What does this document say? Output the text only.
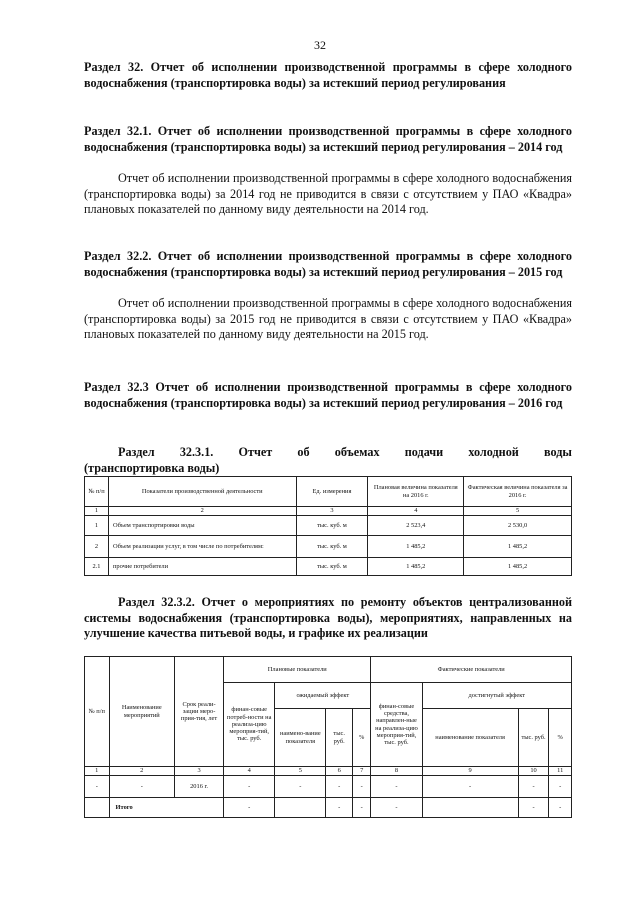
32
Раздел 32. Отчет об исполнении производственной программы в сфере холодного водоснабжения (транспортировка воды) за истекший период регулирования
Раздел 32.1. Отчет об исполнении производственной программы в сфере холодного водоснабжения (транспортировка воды) за истекший период регулирования – 2014 год
Отчет об исполнении производственной программы в сфере холодного водоснабжения (транспортировка воды) за 2014 год не приводится в связи с отсутствием у ПАО «Квадра» плановых показателей по данному виду деятельности на 2014 год.
Раздел 32.2. Отчет об исполнении производственной программы в сфере холодного водоснабжения (транспортировка воды) за истекший период регулирования – 2015 год
Отчет об исполнении производственной программы в сфере холодного водоснабжения (транспортировка воды) за 2015 год не приводится в связи с отсутствием у ПАО «Квадра» плановых показателей по данному виду деятельности на 2015 год.
Раздел 32.3 Отчет об исполнении производственной программы в сфере холодного водоснабжения (транспортировка воды) за истекший период регулирования – 2016 год
Раздел 32.3.1. Отчет об объемах подачи холодной воды
(транспортировка воды)
№ п/п	Показатели производственной деятельности	Ед. измерения	Плановая величина показателя на 2016 г.	Фактическая величина показателя за 2016 г.
1	2	3	4	5
1	Объем транспортировки воды	тыс. куб. м	2 523,4	2 530,0
2	Объем реализации услуг, в том числе по потребителям:	тыс. куб. м	1 485,2	1 485,2
2.1	прочие потребители	тыс. куб. м	1 485,2	1 485,2
Раздел 32.3.2. Отчет о мероприятиях по ремонту объектов централизованной системы водоснабжения (транспортировка воды), мероприятиях, направленных на улучшение качества питьевой воды, и графике их реализации
№ п/п	Наименование мероприятий	Срок реали-зации меро-прия-тия, лет	Плановые показатели				Фактические показатели			
			финан-совые потреб-ности на реализа-цию мероприя-тий, тыс. руб.	ожидаемый эффект			финан-совые средства, направлен-ные на реализа-цию мероприя-тий, тыс. руб.	достигнутый эффект		
				наимено-вание показателя	тыс. руб.	%		наименование показателя	тыс. руб.	%
1	2	3	4	5	6	7	8	9	10	11
-	-	2016 г.	-	-	-	-	-	-	-	-
	Итого		-		-	-	-		-	-
